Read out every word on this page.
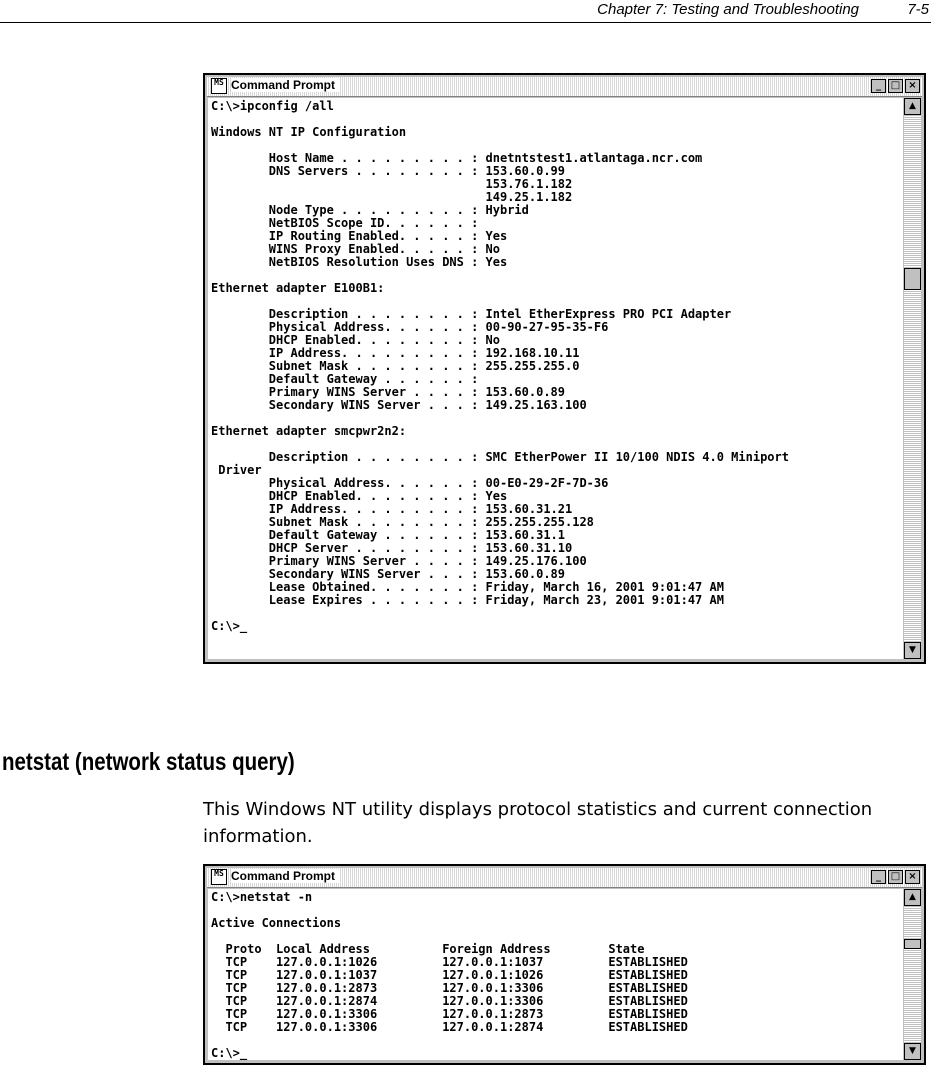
Chapter 7: Testing and Troubleshooting	7-5
MS Command Prompt	_ □ ×
C:\>ipconfig /all

Windows NT IP Configuration

Host Name . . . . . . . . . : dnetntstest1.atlantaga.ncr.com
DNS Servers . . . . . . . . : 153.60.0.99
153.76.1.182
149.25.1.182
Node Type . . . . . . . . . : Hybrid
NetBIOS Scope ID. . . . . . :
IP Routing Enabled. . . . . : Yes
WINS Proxy Enabled. . . . . : No
NetBIOS Resolution Uses DNS : Yes

Ethernet adapter E100B1:

Description . . . . . . . . : Intel EtherExpress PRO PCI Adapter
Physical Address. . . . . . : 00-90-27-95-35-F6
DHCP Enabled. . . . . . . . : No
IP Address. . . . . . . . . : 192.168.10.11
Subnet Mask . . . . . . . . : 255.255.255.0
Default Gateway . . . . . . :
Primary WINS Server . . . . : 153.60.0.89
Secondary WINS Server . . . : 149.25.163.100

Ethernet adapter smcpwr2n2:

Description . . . . . . . . : SMC EtherPower II 10/100 NDIS 4.0 Miniport
Driver
Physical Address. . . . . . : 00-E0-29-2F-7D-36
DHCP Enabled. . . . . . . . : Yes
IP Address. . . . . . . . . : 153.60.31.21
Subnet Mask . . . . . . . . : 255.255.255.128
Default Gateway . . . . . . : 153.60.31.1
DHCP Server . . . . . . . . : 153.60.31.10
Primary WINS Server . . . . : 149.25.176.100
Secondary WINS Server . . . : 153.60.0.89
Lease Obtained. . . . . . . : Friday, March 16, 2001 9:01:47 AM
Lease Expires . . . . . . . : Friday, March 23, 2001 9:01:47 AM

C:\>_
▲
▼
netstat (network status query)
This Windows NT utility displays protocol statistics and current connection information.
MS Command Prompt	_ □ ×
C:\>netstat -n

Active Connections

Proto  Local Address          Foreign Address        State
TCP    127.0.0.1:1026         127.0.0.1:1037         ESTABLISHED
TCP    127.0.0.1:1037         127.0.0.1:1026         ESTABLISHED
TCP    127.0.0.1:2873         127.0.0.1:3306         ESTABLISHED
TCP    127.0.0.1:2874         127.0.0.1:3306         ESTABLISHED
TCP    127.0.0.1:3306         127.0.0.1:2873         ESTABLISHED
TCP    127.0.0.1:3306         127.0.0.1:2874         ESTABLISHED

C:\>_
▲
▼
